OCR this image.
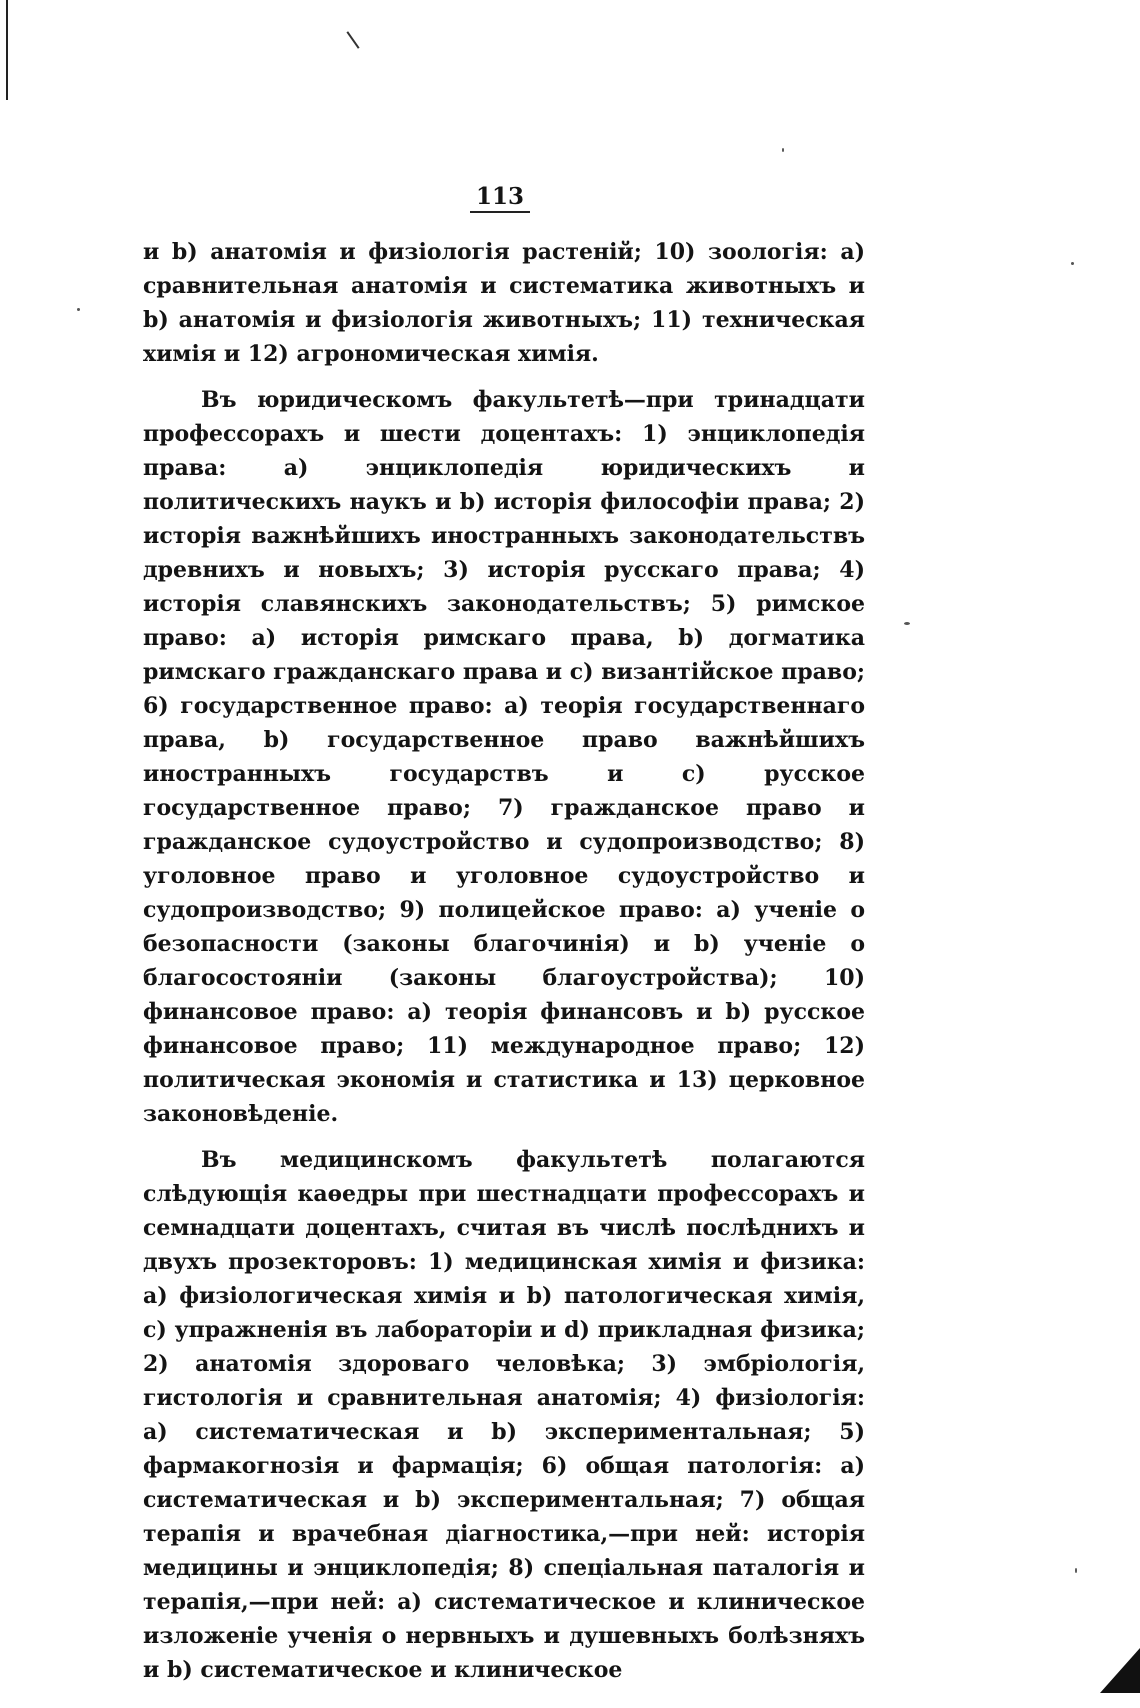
113

и b) анатомія и физіологія растеній; 10) зоологія: а) сравнительная анатомія и систематика животныхъ и b) анатомія и физіологія животныхъ; 11) техническая химія и 12) агрономическая химія.

Въ юридическомъ факультетѣ—при тринадцати профессорахъ и шести доцентахъ: 1) энциклопедія права: а) энциклопедія юридическихъ и политическихъ наукъ и b) исторія философіи права; 2) исторія важнѣйшихъ иностранныхъ законодательствъ древнихъ и новыхъ; 3) исторія русскаго права; 4) исторія славянскихъ законодательствъ; 5) римское право: а) исторія римскаго права, b) догматика римскаго гражданскаго права и c) византійское право; 6) государственное право: а) теорія государственнаго права, b) государственное право важнѣйшихъ иностранныхъ государствъ и c) русское государственное право; 7) гражданское право и гражданское судоустройство и судопроизводство; 8) уголовное право и уголовное судоустройство и судопроизводство; 9) полицейское право: а) ученіе о безопасности (законы благочинія) и b) ученіе о благосостояніи (законы благоустройства); 10) финансовое право: а) теорія финансовъ и b) русское финансовое право; 11) международное право; 12) политическая экономія и статистика и 13) церковное законовѣденіе.

Въ медицинскомъ факультетѣ полагаются слѣдующія каѳедры при шестнадцати профессорахъ и семнадцати доцентахъ, считая въ числѣ послѣднихъ и двухъ прозекторовъ: 1) медицинская химія и физика: а) физіологическая химія и b) патологическая химія, c) упражненія въ лабораторіи и d) прикладная физика; 2) анатомія здороваго человѣка; 3) эмбріологія, гистологія и сравнительная анатомія; 4) физіологія: а) систематическая и b) экспериментальная; 5) фармакогнозія и фармація; 6) общая патологія: а) систематическая и b) экспериментальная; 7) общая терапія и врачебная діагностика,—при ней: исторія медицины и энциклопедія; 8) спеціальная паталогія и терапія,—при ней: а) систематическое и клиническое изложеніе ученія о нервныхъ и душевныхъ болѣзняхъ и b) систематическое и клиническое
